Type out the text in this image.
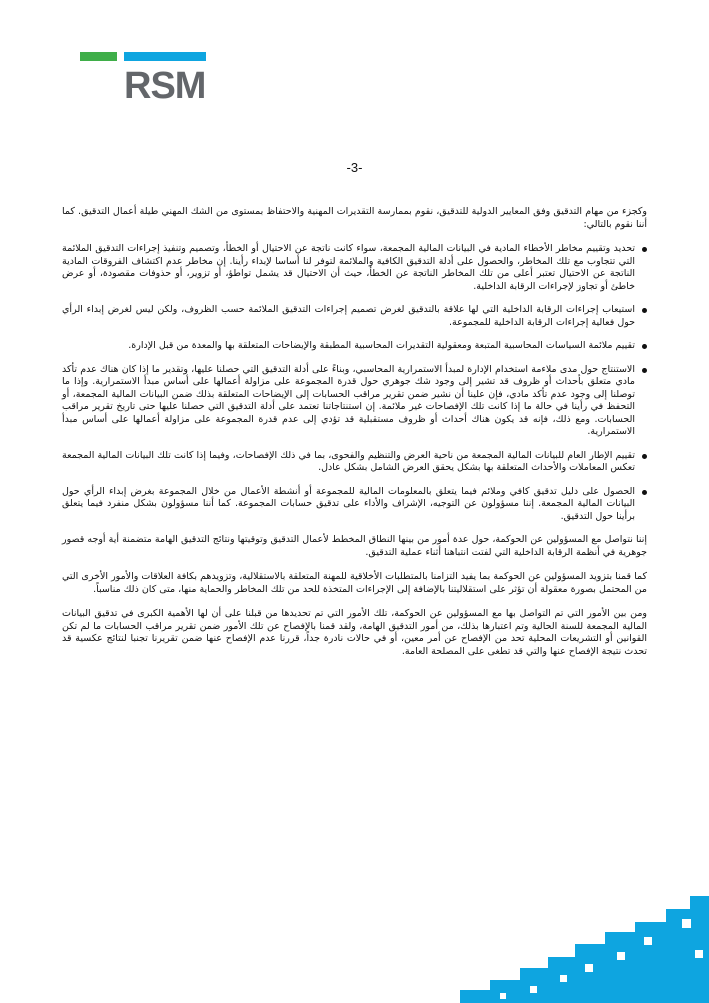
RSM
-3-

وكجزء من مهام التدقيق وفق المعايير الدولية للتدقيق، نقوم بممارسة التقديرات المهنية والاحتفاظ بمستوى من الشك المهني طيلة أعمال التدقيق. كما أننا نقوم بالتالي:

تحديد وتقييم مخاطر الأخطاء المادية في البيانات المالية المجمعة، سواء كانت ناتجة عن الاحتيال أو الخطأ، وتصميم وتنفيذ إجراءات التدقيق الملائمة التي تتجاوب مع تلك المخاطر، والحصول على أدلة التدقيق الكافية والملائمة لتوفر لنا أساسا لإبداء رأينا. إن مخاطر عدم اكتشاف الفروقات المادية الناتجة عن الاحتيال تعتبر أعلى من تلك المخاطر الناتجة عن الخطأ، حيث أن الاحتيال قد يشمل تواطؤ، أو تزوير، أو حذوفات مقصودة، أو عرض خاطئ أو تجاوز لإجراءات الرقابة الداخلية.
استيعاب إجراءات الرقابة الداخلية التي لها علاقة بالتدقيق لغرض تصميم إجراءات التدقيق الملائمة حسب الظروف، ولكن ليس لغرض إبداء الرأي حول فعالية إجراءات الرقابة الداخلية للمجموعة.
تقييم ملائمة السياسات المحاسبية المتبعة ومعقولية التقديرات المحاسبية المطبقة والإيضاحات المتعلقة بها والمعدة من قبل الإدارة.
الاستنتاج حول مدى ملاءمة استخدام الإدارة لمبدأ الاستمرارية المحاسبي، وبناءً على أدلة التدقيق التي حصلنا عليها، وتقدير ما إذا كان هناك عدم تأكد مادي متعلق بأحداث أو ظروف قد تشير إلى وجود شك جوهري حول قدرة المجموعة على مزاولة أعمالها على أساس مبدأ الاستمرارية. وإذا ما توصلنا إلى وجود عدم تأكد مادي، فإن علينا أن نشير ضمن تقرير مراقب الحسابات إلى الإيضاحات المتعلقة بذلك ضمن البيانات المالية المجمعة، أو التحفظ في رأينا في حالة ما إذا كانت تلك الإفصاحات غير ملائمة. إن استنتاجاتنا تعتمد على أدلة التدقيق التي حصلنا عليها حتى تاريخ تقرير مراقب الحسابات. ومع ذلك، فإنه قد يكون هناك أحداث أو ظروف مستقبلية قد تؤدي إلى عدم قدرة المجموعة على مزاولة أعمالها على أساس مبدأ الاستمرارية.
تقييم الإطار العام للبيانات المالية المجمعة من ناحية العرض والتنظيم والفحوى، بما في ذلك الإفصاحات، وفيما إذا كانت تلك البيانات المالية المجمعة تعكس المعاملات والأحداث المتعلقة بها بشكل يحقق العرض الشامل بشكل عادل.
الحصول على دليل تدقيق كافي وملائم فيما يتعلق بالمعلومات المالية للمجموعة أو أنشطة الأعمال من خلال المجموعة بغرض إبداء الرأي حول البيانات المالية المجمعة. إننا مسؤولون عن التوجيه، الإشراف والأداء على تدقيق حسابات المجموعة. كما أننا مسؤولون بشكل منفرد فيما يتعلق برأينا حول التدقيق.

إننا نتواصل مع المسؤولين عن الحوكمة، حول عدة أمور من بينها النطاق المخطط لأعمال التدقيق وتوقيتها ونتائج التدقيق الهامة متضمنة أية أوجه قصور جوهرية في أنظمة الرقابة الداخلية التي لفتت انتباهنا أثناء عملية التدقيق.

كما قمنا بتزويد المسؤولين عن الحوكمة بما يفيد التزامنا بالمتطلبات الأخلاقية للمهنة المتعلقة بالاستقلالية، وتزويدهم بكافة العلاقات والأمور الأخرى التي من المحتمل بصورة معقولة أن تؤثر على استقلاليتنا بالإضافة إلى الإجراءات المتخذة للحد من تلك المخاطر والحماية منها، متى كان ذلك مناسباً.

ومن بين الأمور التي تم التواصل بها مع المسؤولين عن الحوكمة، تلك الأمور التي تم تحديدها من قبلنا على أن لها الأهمية الكبرى في تدقيق البيانات المالية المجمعة للسنة الحالية وتم اعتبارها بذلك، من أمور التدقيق الهامة، ولقد قمنا بالإفصاح عن تلك الأمور ضمن تقرير مراقب الحسابات ما لم تكن القوانين أو التشريعات المحلية تحد من الإفصاح عن أمر معين، أو في حالات نادرة جداً، قررنا عدم الإفصاح عنها ضمن تقريرنا تجنبا لنتائج عكسية قد تحدث نتيجة الإفصاح عنها والتي قد تطغى على المصلحة العامة.
